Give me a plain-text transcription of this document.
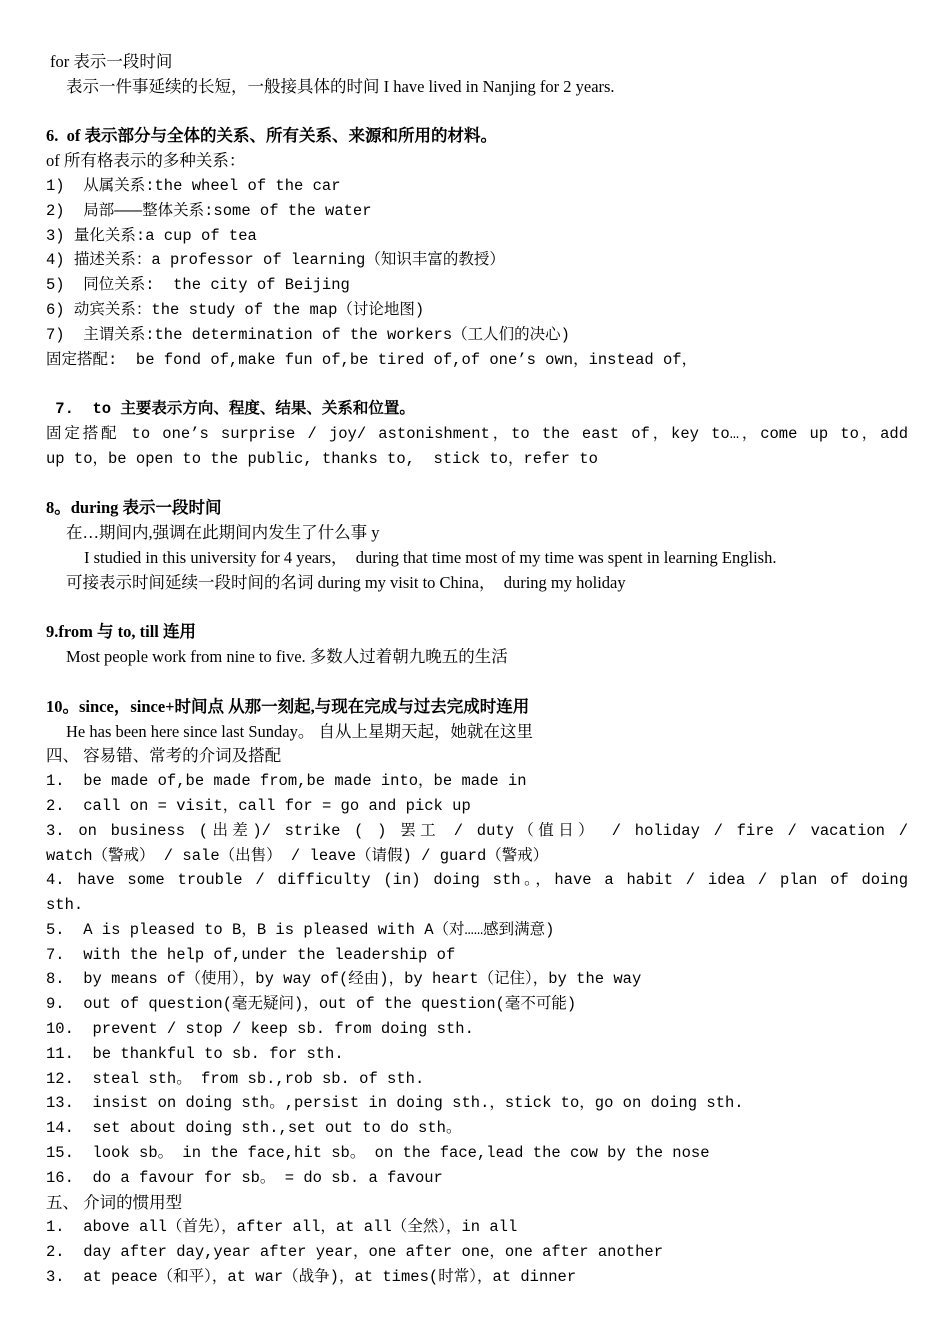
for 表示一段时间
表示一件事延续的长短，一般接具体的时间 I have lived in Nanjing for 2 years.
6.  of 表示部分与全体的关系、所有关系、来源和所用的材料。
of 所有格表示的多种关系：
1)  从属关系:the wheel of the car
2)  局部———整体关系:some of the water
3) 量化关系:a cup of tea
4) 描述关系：a professor of learning（知识丰富的教授）
5)  同位关系:  the city of Beijing
6) 动宾关系：the study of the map（讨论地图)
7)  主谓关系:the determination of the workers（工人们的决心)
固定搭配:  be fond of,make fun of,be tired of,of one’s own，instead of，
7.  to 主要表示方向、程度、结果、关系和位置。
固定搭配 to one’s surprise / joy/ astonishment，to the east of，key to…，come up to，add
up to，be open to the public, thanks to,  stick to，refer to
8。during 表示一段时间
在…期间内,强调在此期间内发生了什么事 y
I studied in this university for 4 years，  during that time most of my time was spent in learning English.
可接表示时间延续一段时间的名词 during my visit to China，  during my holiday
9.from 与 to, till 连用
Most people work from nine to five. 多数人过着朝九晚五的生活
10。since，since+时间点 从那一刻起,与现在完成与过去完成时连用
He has been here since last Sunday。 自从上星期天起，她就在这里
四、 容易错、常考的介词及搭配
1.  be made of,be made from,be made into，be made in
2.  call on = visit，call for = go and pick up
3. on business (出差)/ strike ( ) 罢工 / duty（值日） / holiday / fire / vacation /
watch（警戒） / sale（出售） / leave（请假) / guard（警戒）
4. have some trouble / difficulty (in) doing sth。，have a habit / idea / plan of doing
sth.
5.  A is pleased to B，B is pleased with A（对……感到满意)
7.  with the help of,under the leadership of
8.  by means of（使用），by way of(经由)，by heart（记住），by the way
9.  out of question(毫无疑问)，out of the question(毫不可能)
10.  prevent / stop / keep sb. from doing sth.
11.  be thankful to sb. for sth.
12.  steal sth。 from sb.,rob sb. of sth.
13.  insist on doing sth。,persist in doing sth.，stick to，go on doing sth.
14.  set about doing sth.,set out to do sth。
15.  look sb。 in the face,hit sb。 on the face,lead the cow by the nose
16.  do a favour for sb。 = do sb. a favour
五、 介词的惯用型
1.  above all（首先），after all，at all（全然），in all
2.  day after day,year after year，one after one，one after another
3.  at peace（和平），at war（战争)，at times(时常），at dinner
